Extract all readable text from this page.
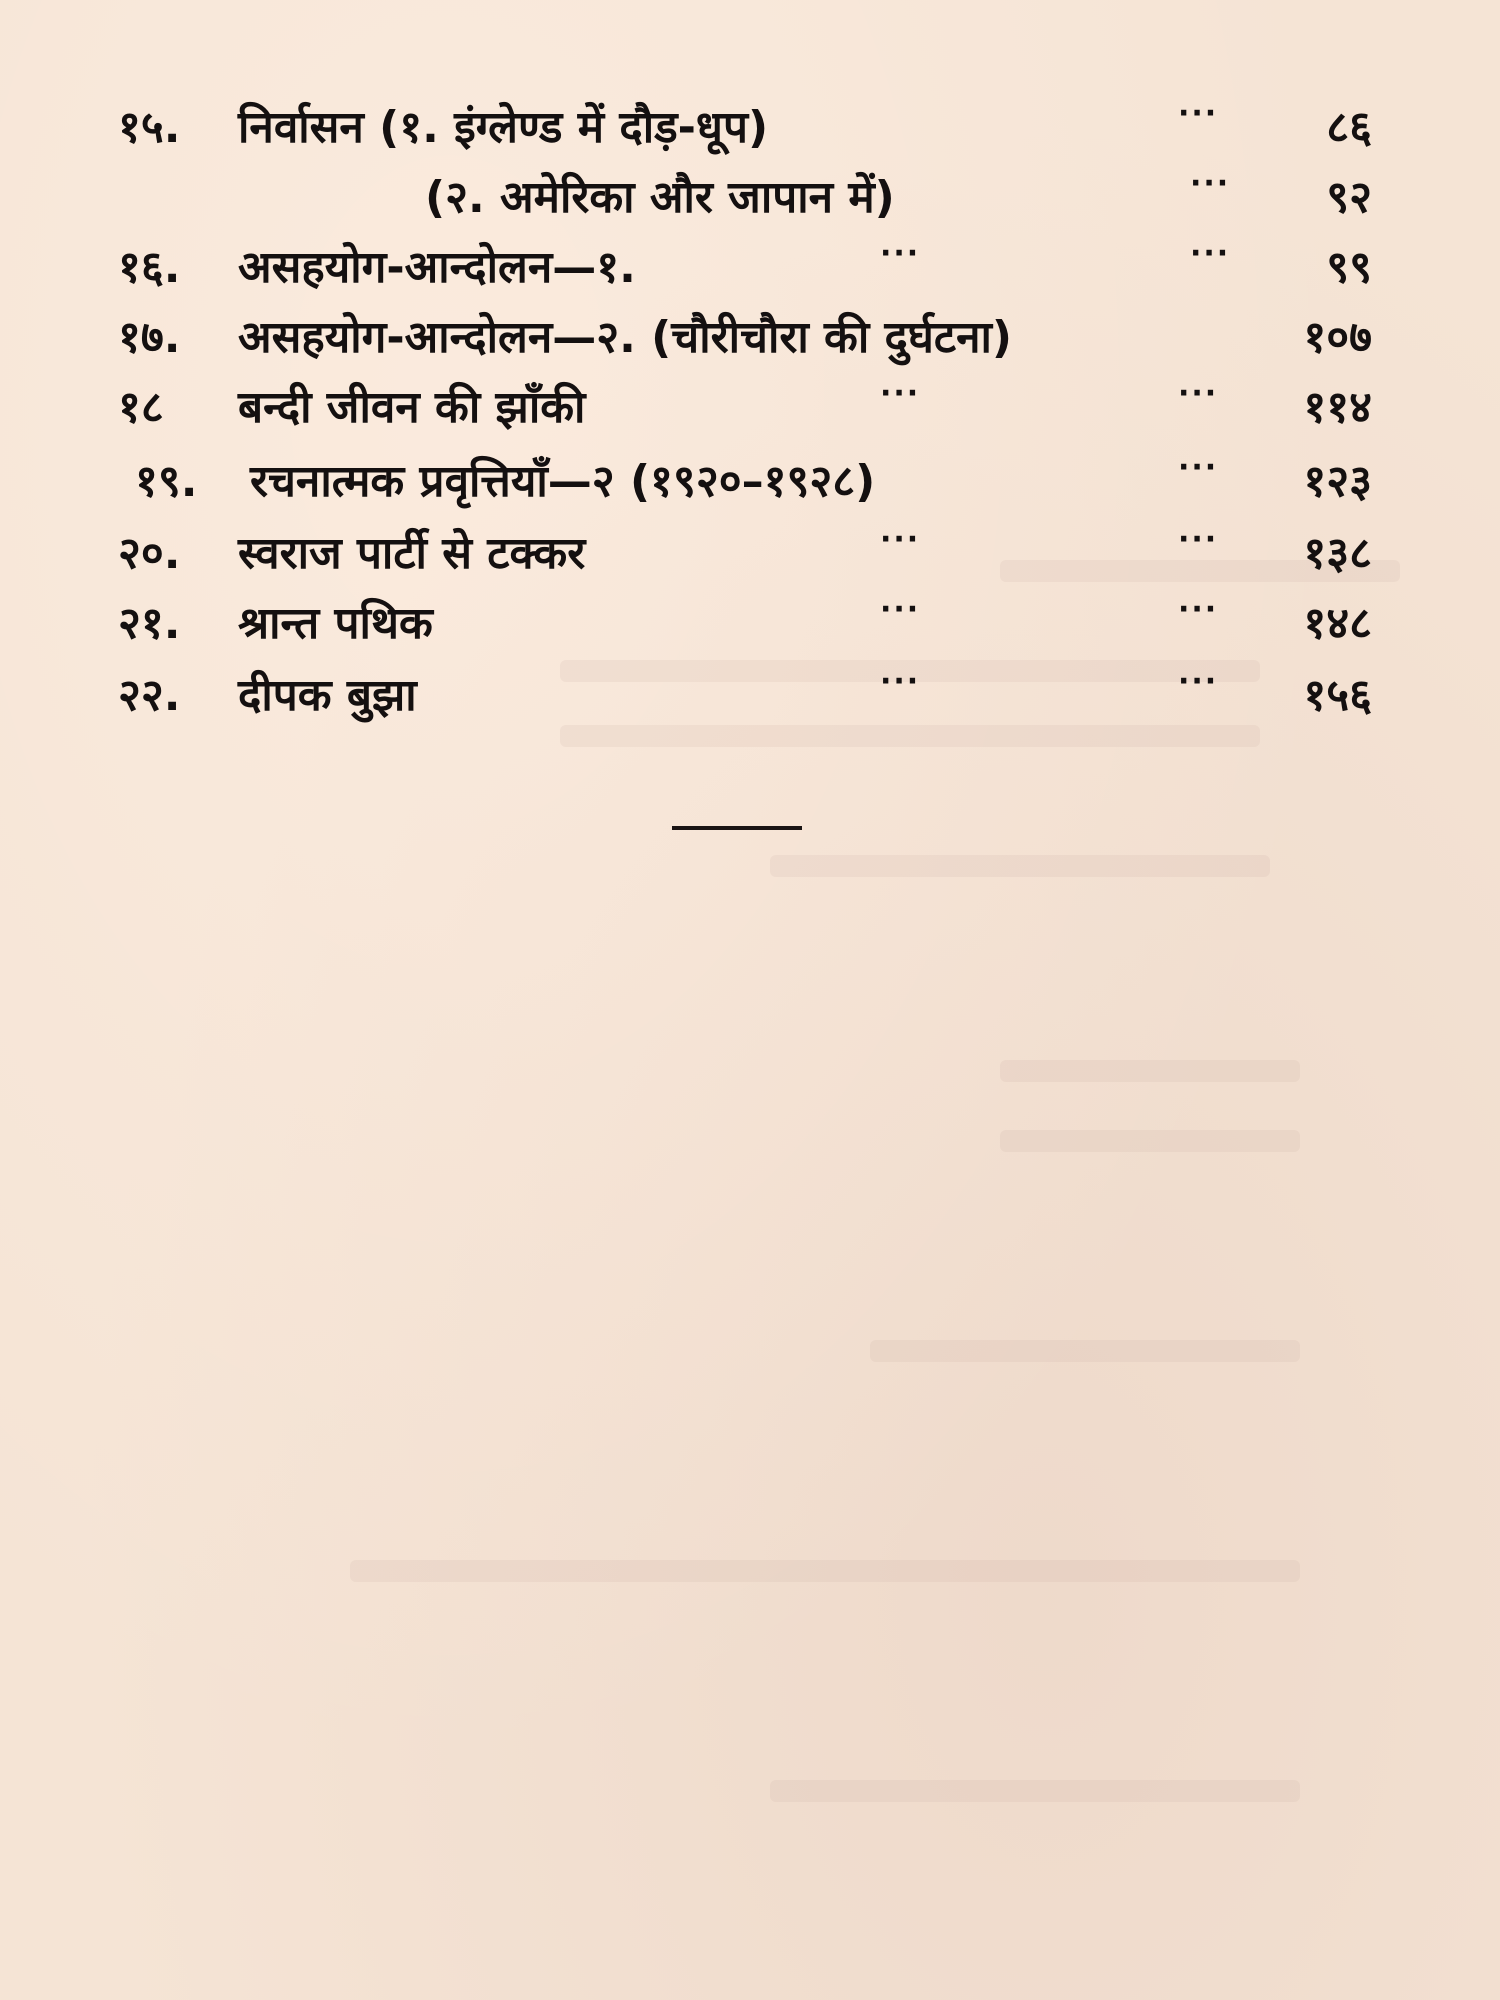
१५.	निर्वासन (१. इंग्लेण्ड में दौड़-धूप)	··· ८६
(२. अमेरिका और जापान में)	··· ९२
१६.	असहयोग-आन्दोलन—१.	···	··· ९९
१७.	असहयोग-आन्दोलन—२. (चौरीचौरा की दुर्घटना)	१०७
१८	बन्दी जीवन की झाँकी	···	··· ११४
१९.	रचनात्मक प्रवृत्तियाँ—२ (१९२०–१९२८)	··· १२३
२०.	स्वराज पार्टी से टक्कर	···	··· १३८
२१.	श्रान्त पथिक	···	··· १४८
२२.	दीपक बुझा	···	··· १५६
